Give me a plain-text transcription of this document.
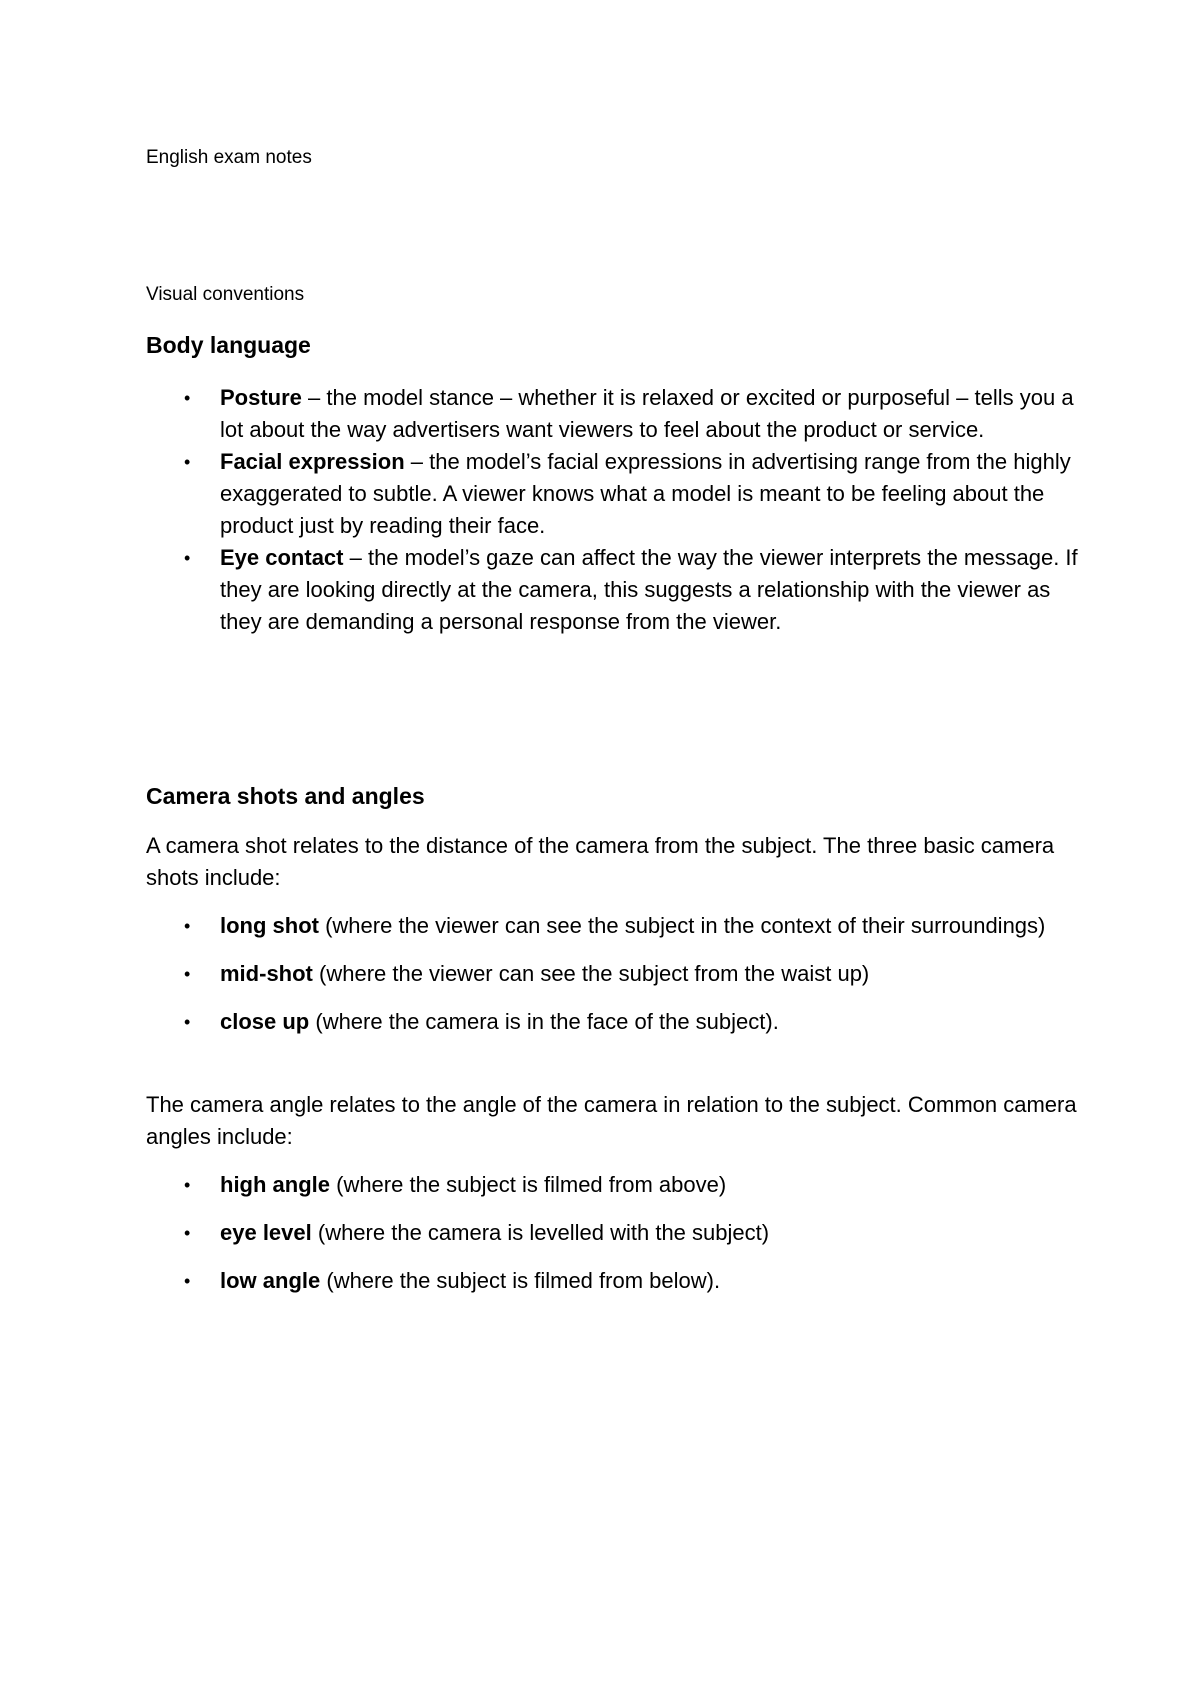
English exam notes

Visual conventions

Body language
• Posture – the model stance – whether it is relaxed or excited or purposeful – tells you a lot about the way advertisers want viewers to feel about the product or service.
• Facial expression – the model’s facial expressions in advertising range from the highly exaggerated to subtle. A viewer knows what a model is meant to be feeling about the product just by reading their face.
• Eye contact – the model’s gaze can affect the way the viewer interprets the message. If they are looking directly at the camera, this suggests a relationship with the viewer as they are demanding a personal response from the viewer.
Camera shots and angles

A camera shot relates to the distance of the camera from the subject. The three basic camera shots include:

• long shot (where the viewer can see the subject in the context of their surroundings)
• mid-shot (where the viewer can see the subject from the waist up)
• close up (where the camera is in the face of the subject).

The camera angle relates to the angle of the camera in relation to the subject. Common camera angles include:

• high angle (where the subject is filmed from above)
• eye level (where the camera is levelled with the subject)
• low angle (where the subject is filmed from below).
